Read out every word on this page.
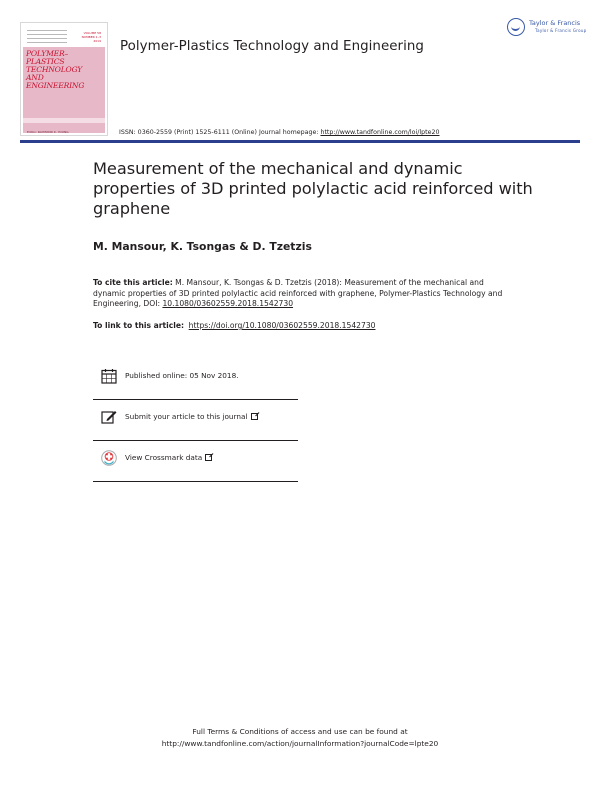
VOLUME 58
NUMBER 1–3
2019
POLYMER–PLASTICS
TECHNOLOGY
AND
ENGINEERING
Editor: RAYMOND K. YOUNG
Polymer-Plastics Technology and Engineering
Taylor & Francis
Taylor & Francis Group
ISSN: 0360-2559 (Print) 1525-6111 (Online) Journal homepage: http://www.tandfonline.com/loi/lpte20
Measurement of the mechanical and dynamic properties of 3D printed polylactic acid reinforced with graphene
M. Mansour, K. Tsongas & D. Tzetzis
To cite this article: M. Mansour, K. Tsongas & D. Tzetzis (2018): Measurement of the mechanical and dynamic properties of 3D printed polylactic acid reinforced with graphene, Polymer-Plastics Technology and Engineering, DOI: 10.1080/03602559.2018.1542730
To link to this article: https://doi.org/10.1080/03602559.2018.1542730
Published online: 05 Nov 2018.
Submit your article to this journal
View Crossmark data
Full Terms & Conditions of access and use can be found at
http://www.tandfonline.com/action/journalInformation?journalCode=lpte20
